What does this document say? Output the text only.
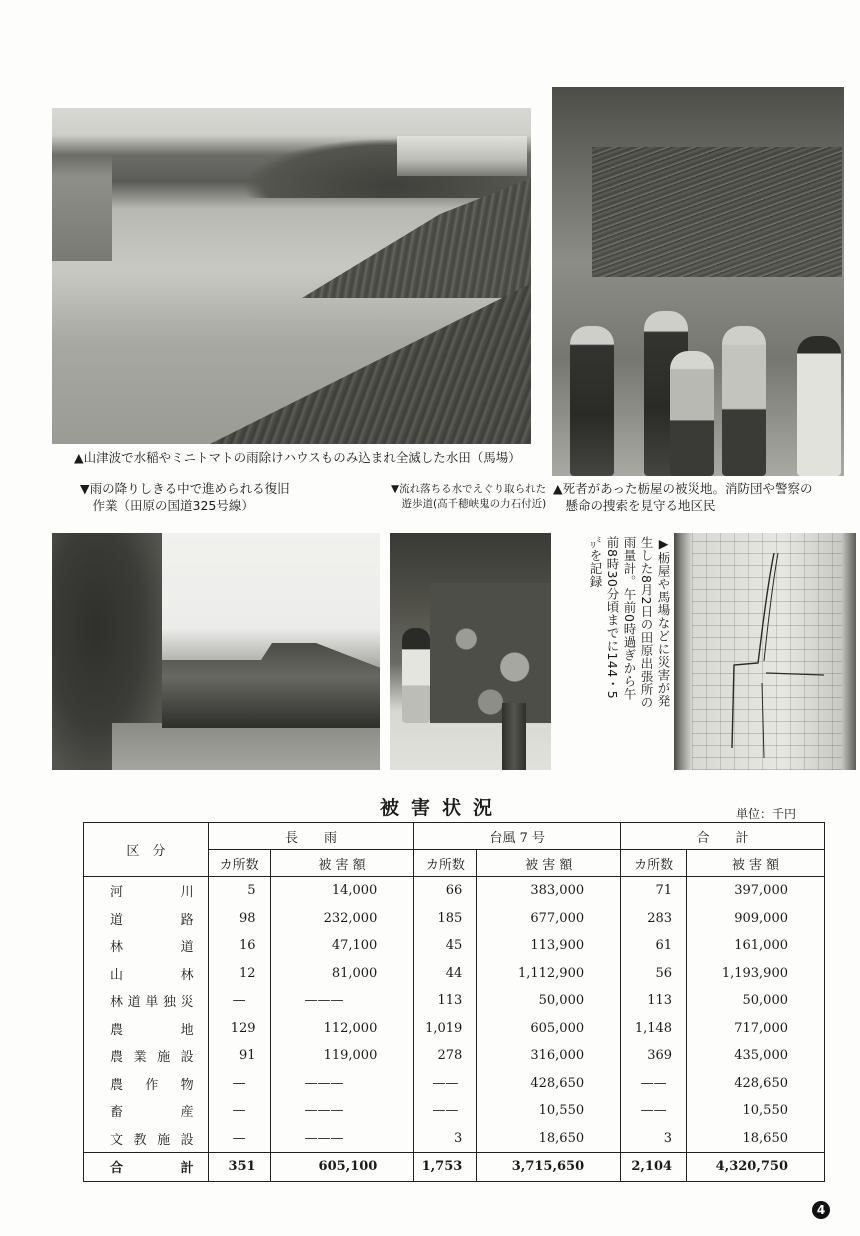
▲山津波で水稲やミニトマトの雨除けハウスものみ込まれ全滅した水田（馬場）
▼雨の降りしきる中で進められる復旧
　作業（田原の国道325号線）
▼流れ落ちる水でえぐり取られた
　遊歩道(高千穂峡鬼の力石付近)
▲死者があった栃屋の被災地。消防団や警察の
　懸命の捜索を見守る地区民
▶栃屋や馬場などに災害が発生した8月2日の田原出張所の雨量計。午前0時過ぎから午前8時30分頃までに144・5㍉を記録
被害状況	単位：千円
区　分	長　　雨		台風 7 号		合　　計	
	カ所数	被 害 額	カ所数	被 害 額	カ所数	被 害 額
河川	5	14,000	66	383,000	71	397,000
道路	98	232,000	185	677,000	283	909,000
林道	16	47,100	45	113,900	61	161,000
山林	12	81,000	44	1,112,900	56	1,193,900
林道単独災	—	———	113	50,000	113	50,000
農地	129	112,000	1,019	605,000	1,148	717,000
農業施設	91	119,000	278	316,000	369	435,000
農作物	—	———	——	428,650	——	428,650
畜産	—	———	——	10,550	——	10,550
文教施設	—	———	3	18,650	3	18,650
合計	351	605,100	1,753	3,715,650	2,104	4,320,750
4
